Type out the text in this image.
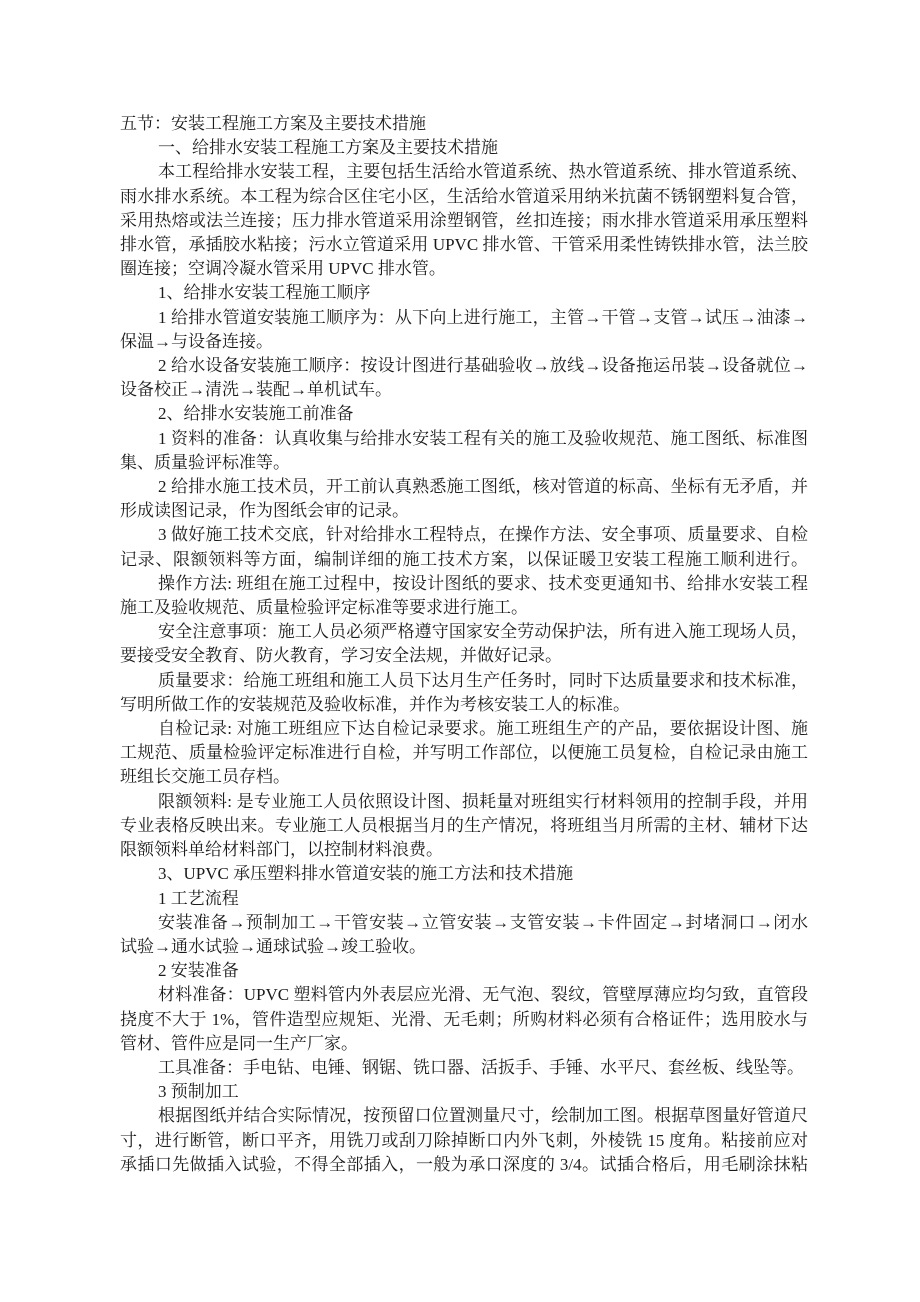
五节：安装工程施工方案及主要技术措施
一、给排水安装工程施工方案及主要技术措施
本工程给排水安装工程，主要包括生活给水管道系统、热水管道系统、排水管道系统、
雨水排水系统。本工程为综合区住宅小区，生活给水管道采用纳米抗菌不锈钢塑料复合管，
采用热熔或法兰连接；压力排水管道采用涂塑钢管，丝扣连接；雨水排水管道采用承压塑料
排水管，承插胶水粘接；污水立管道采用 UPVC 排水管、干管采用柔性铸铁排水管，法兰胶
圈连接；空调冷凝水管采用 UPVC 排水管。
1、给排水安装工程施工顺序
1 给排水管道安装施工顺序为：从下向上进行施工，主管→干管→支管→试压→油漆→
保温→与设备连接。
2 给水设备安装施工顺序：按设计图进行基础验收→放线→设备拖运吊装→设备就位→
设备校正→清洗→装配→单机试车。
2、给排水安装施工前准备
1 资料的准备：认真收集与给排水安装工程有关的施工及验收规范、施工图纸、标准图
集、质量验评标准等。
2 给排水施工技术员，开工前认真熟悉施工图纸，核对管道的标高、坐标有无矛盾，并
形成读图记录，作为图纸会审的记录。
3 做好施工技术交底，针对给排水工程特点，在操作方法、安全事项、质量要求、自检
记录、限额领料等方面，编制详细的施工技术方案，以保证暖卫安装工程施工顺利进行。
操作方法: 班组在施工过程中，按设计图纸的要求、技术变更通知书、给排水安装工程
施工及验收规范、质量检验评定标准等要求进行施工。
安全注意事项：施工人员必须严格遵守国家安全劳动保护法，所有进入施工现场人员，
要接受安全教育、防火教育，学习安全法规，并做好记录。
质量要求：给施工班组和施工人员下达月生产任务时，同时下达质量要求和技术标准，
写明所做工作的安装规范及验收标准，并作为考核安装工人的标准。
自检记录: 对施工班组应下达自检记录要求。施工班组生产的产品，要依据设计图、施
工规范、质量检验评定标准进行自检，并写明工作部位，以便施工员复检，自检记录由施工
班组长交施工员存档。
限额领料: 是专业施工人员依照设计图、损耗量对班组实行材料领用的控制手段，并用
专业表格反映出来。专业施工人员根据当月的生产情况，将班组当月所需的主材、辅材下达
限额领料单给材料部门，以控制材料浪费。
3、UPVC 承压塑料排水管道安装的施工方法和技术措施
1 工艺流程
安装准备→预制加工→干管安装→立管安装→支管安装→卡件固定→封堵洞口→闭水
试验→通水试验→通球试验→竣工验收。
2 安装准备
材料准备：UPVC 塑料管内外表层应光滑、无气泡、裂纹，管壁厚薄应均匀致，直管段
挠度不大于 1%，管件造型应规矩、光滑、无毛刺；所购材料必须有合格证件；选用胶水与
管材、管件应是同一生产厂家。
工具准备：手电钻、电锤、钢锯、铣口器、活扳手、手锤、水平尺、套丝板、线坠等。
3 预制加工
根据图纸并结合实际情况，按预留口位置测量尺寸，绘制加工图。根据草图量好管道尺
寸，进行断管，断口平齐，用铣刀或刮刀除掉断口内外飞刺，外棱铣 15 度角。粘接前应对
承插口先做插入试验，不得全部插入，一般为承口深度的 3/4。试插合格后，用毛刷涂抹粘
